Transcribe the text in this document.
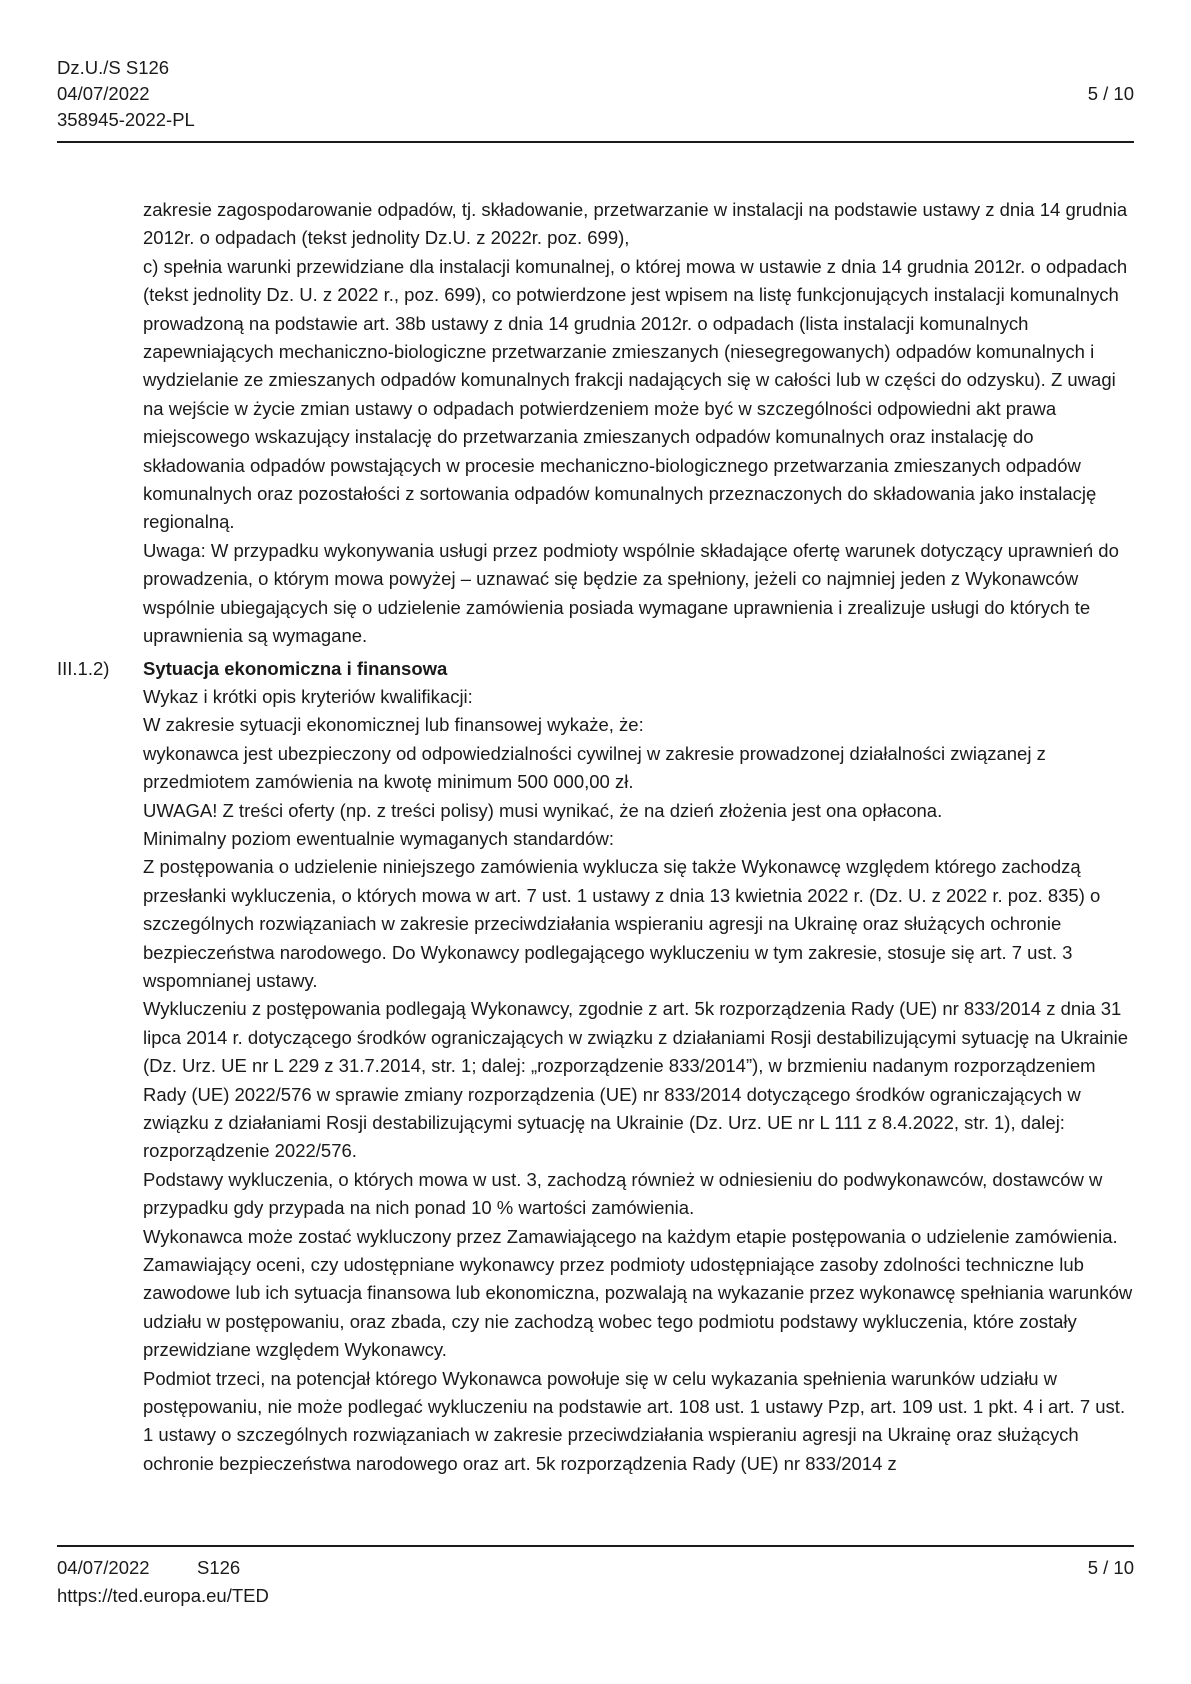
Dz.U./S S126
04/07/2022
358945-2022-PL
5 / 10

zakresie zagospodarowanie odpadów, tj. składowanie, przetwarzanie w instalacji na podstawie ustawy z dnia 14 grudnia 2012r. o odpadach (tekst jednolity Dz.U. z 2022r. poz. 699),

c) spełnia warunki przewidziane dla instalacji komunalnej, o której mowa w ustawie z dnia 14 grudnia 2012r. o odpadach (tekst jednolity Dz. U. z 2022 r., poz. 699), co potwierdzone jest wpisem na listę funkcjonujących instalacji komunalnych prowadzoną na podstawie art. 38b ustawy z dnia 14 grudnia 2012r. o odpadach (lista instalacji komunalnych zapewniających mechaniczno-biologiczne przetwarzanie zmieszanych (niesegregowanych) odpadów komunalnych i wydzielanie ze zmieszanych odpadów komunalnych frakcji nadających się w całości lub w części do odzysku). Z uwagi na wejście w życie zmian ustawy o odpadach potwierdzeniem może być w szczególności odpowiedni akt prawa miejscowego wskazujący instalację do przetwarzania zmieszanych odpadów komunalnych oraz instalację do składowania odpadów powstających w procesie mechaniczno-biologicznego przetwarzania zmieszanych odpadów komunalnych oraz pozostałości z sortowania odpadów komunalnych przeznaczonych do składowania jako instalację regionalną.

Uwaga: W przypadku wykonywania usługi przez podmioty wspólnie składające ofertę warunek dotyczący uprawnień do prowadzenia, o którym mowa powyżej – uznawać się będzie za spełniony, jeżeli co najmniej jeden z Wykonawców wspólnie ubiegających się o udzielenie zamówienia posiada wymagane uprawnienia i zrealizuje usługi do których te uprawnienia są wymagane.

III.1.2) Sytuacja ekonomiczna i finansowa
Wykaz i krótki opis kryteriów kwalifikacji:
W zakresie sytuacji ekonomicznej lub finansowej wykaże, że:
wykonawca jest ubezpieczony od odpowiedzialności cywilnej w zakresie prowadzonej działalności związanej z przedmiotem zamówienia na kwotę minimum 500 000,00 zł.
UWAGA! Z treści oferty (np. z treści polisy) musi wynikać, że na dzień złożenia jest ona opłacona.
Minimalny poziom ewentualnie wymaganych standardów:
Z postępowania o udzielenie niniejszego zamówienia wyklucza się także Wykonawcę względem którego zachodzą przesłanki wykluczenia, o których mowa w art. 7 ust. 1 ustawy z dnia 13 kwietnia 2022 r. (Dz. U. z 2022 r. poz. 835) o szczególnych rozwiązaniach w zakresie przeciwdziałania wspieraniu agresji na Ukrainę oraz służących ochronie bezpieczeństwa narodowego. Do Wykonawcy podlegającego wykluczeniu w tym zakresie, stosuje się art. 7 ust. 3 wspomnianej ustawy.
Wykluczeniu z postępowania podlegają Wykonawcy, zgodnie z art. 5k rozporządzenia Rady (UE) nr 833/2014 z dnia 31 lipca 2014 r. dotyczącego środków ograniczających w związku z działaniami Rosji destabilizującymi sytuację na Ukrainie (Dz. Urz. UE nr L 229 z 31.7.2014, str. 1; dalej: „rozporządzenie 833/2014”), w brzmieniu nadanym rozporządzeniem Rady (UE) 2022/576 w sprawie zmiany rozporządzenia (UE) nr 833/2014 dotyczącego środków ograniczających w związku z działaniami Rosji destabilizującymi sytuację na Ukrainie (Dz. Urz. UE nr L 111 z 8.4.2022, str. 1), dalej: rozporządzenie 2022/576.
Podstawy wykluczenia, o których mowa w ust. 3, zachodzą również w odniesieniu do podwykonawców, dostawców w przypadku gdy przypada na nich ponad 10 % wartości zamówienia.
Wykonawca może zostać wykluczony przez Zamawiającego na każdym etapie postępowania o udzielenie zamówienia.
Zamawiający oceni, czy udostępniane wykonawcy przez podmioty udostępniające zasoby zdolności techniczne lub zawodowe lub ich sytuacja finansowa lub ekonomiczna, pozwalają na wykazanie przez wykonawcę spełniania warunków udziału w postępowaniu, oraz zbada, czy nie zachodzą wobec tego podmiotu podstawy wykluczenia, które zostały przewidziane względem Wykonawcy.
Podmiot trzeci, na potencjał którego Wykonawca powołuje się w celu wykazania spełnienia warunków udziału w postępowaniu, nie może podlegać wykluczeniu na podstawie art. 108 ust. 1 ustawy Pzp, art. 109 ust. 1 pkt. 4 i art. 7 ust. 1 ustawy o szczególnych rozwiązaniach w zakresie przeciwdziałania wspieraniu agresji na Ukrainę oraz służących ochronie bezpieczeństwa narodowego oraz art. 5k rozporządzenia Rady (UE) nr 833/2014 z
04/07/2022	S126
https://ted.europa.eu/TED
5 / 10
